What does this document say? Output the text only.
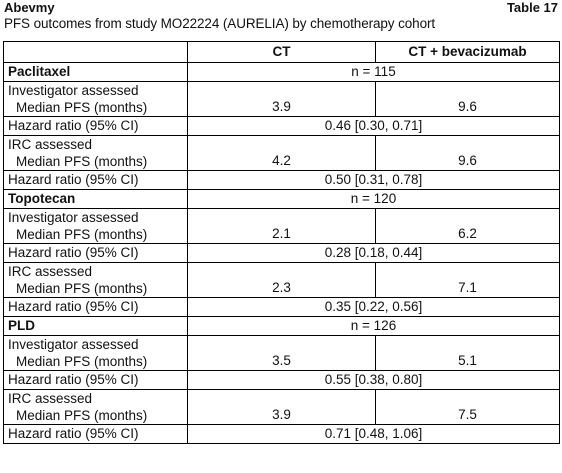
Abevmy	Table 17
PFS outcomes from study MO22224 (AURELIA) by chemotherapy cohort
	CT	CT + bevacizumab
Paclitaxel	n = 115	

Investigator assessed
Median PFS (months)	3.9	9.6
Hazard ratio (95% CI)	0.46 [0.30, 0.71]	

IRC assessed
Median PFS (months)	4.2	9.6
Hazard ratio (95% CI)	0.50 [0.31, 0.78]	
Topotecan	n = 120	

Investigator assessed
Median PFS (months)	2.1	6.2
Hazard ratio (95% CI)	0.28 [0.18, 0.44]	

IRC assessed
Median PFS (months)	2.3	7.1
Hazard ratio (95% CI)	0.35 [0.22, 0.56]	
PLD	n = 126	

Investigator assessed
Median PFS (months)	3.5	5.1
Hazard ratio (95% CI)	0.55 [0.38, 0.80]	

IRC assessed
Median PFS (months)	3.9	7.5
Hazard ratio (95% CI)	0.71 [0.48, 1.06]	
